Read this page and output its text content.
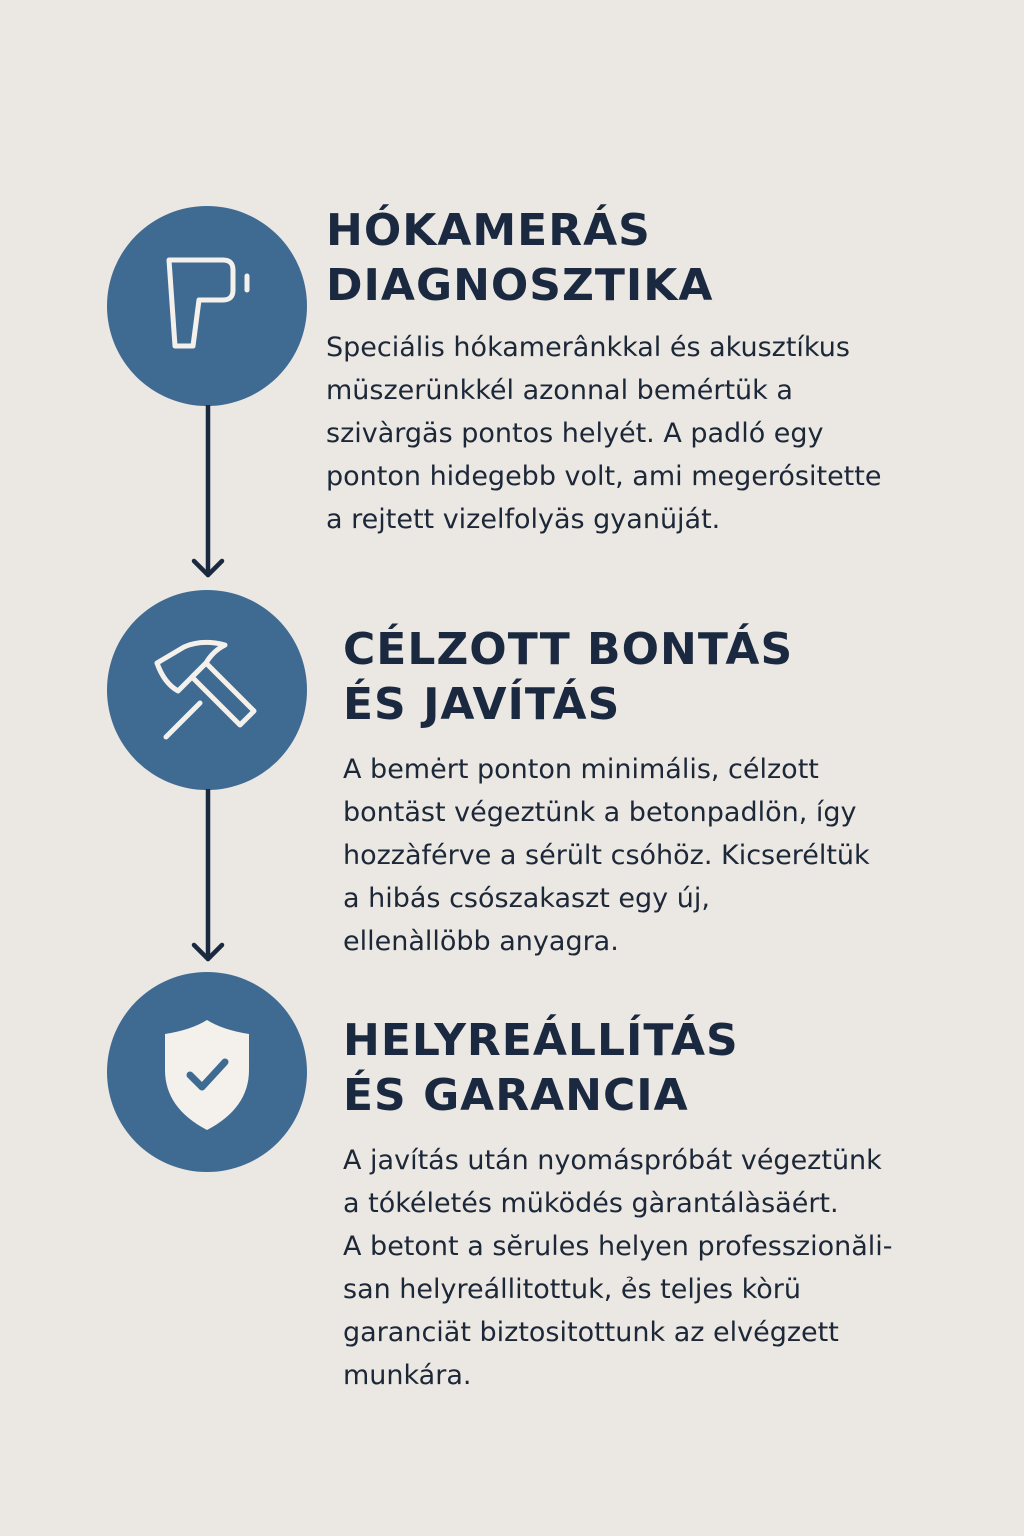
HÓKAMERÁS
DIAGNOSZTIKA

Speciális hókamerânkkal és akusztíkus
müszerünkkél azonnal bemértük a
szivàrgäs pontos helyét. A padló egy
ponton hidegebb volt, ami megerósitette
a rejtett vizelfolyäs gyanüját.

CÉLZOTT BONTÁS
ÉS JAVÍTÁS

A bemėrt ponton minimális, célzott
bontäst végeztünk a betonpadlön, így
hozzàférve a sérült csóhöz. Kicseréltük
a hibás csószakaszt egy új,
ellenàllöbb anyagra.

HELYREÁLLÍTÁS
ÉS GARANCIA

A javítás után nyomáspróbát végeztünk
a tókéletés müködés gàrantálàsäért.
A betont a sĕrules helyen professzionăli-
san helyreállitottuk, ẻs teljes kòrü
garanciät biztositottunk az elvégzett
munkára.
